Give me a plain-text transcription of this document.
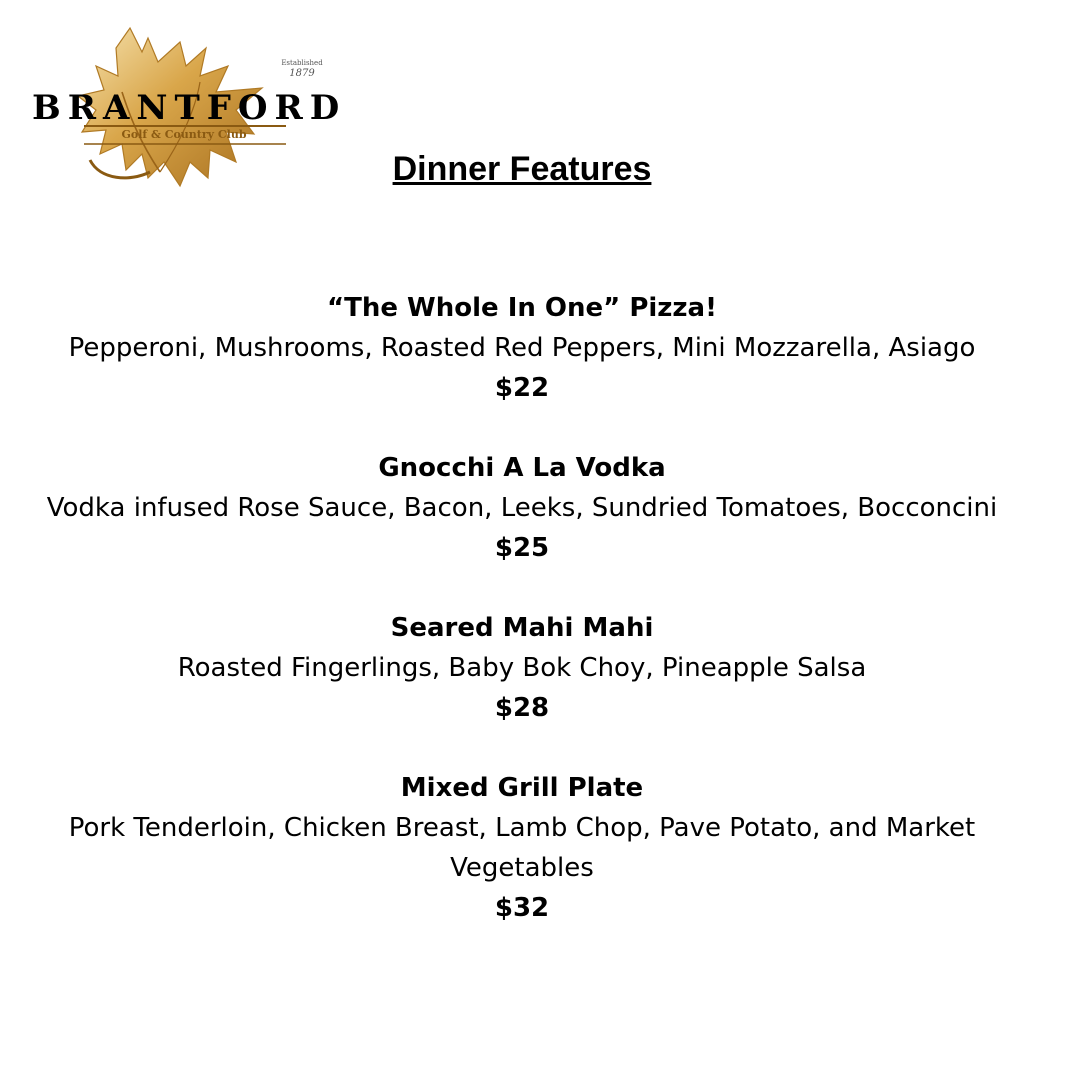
Established
1879
BRANTFORD
Golf & Country Club
Dinner Features
“The Whole In One” Pizza!
Pepperoni, Mushrooms, Roasted Red Peppers, Mini Mozzarella, Asiago
$22
Gnocchi A La Vodka
Vodka infused Rose Sauce, Bacon, Leeks, Sundried Tomatoes, Bocconcini
$25
Seared Mahi Mahi
Roasted Fingerlings, Baby Bok Choy, Pineapple Salsa
$28
Mixed Grill Plate
Pork Tenderloin, Chicken Breast, Lamb Chop, Pave Potato, and Market Vegetables
$32
